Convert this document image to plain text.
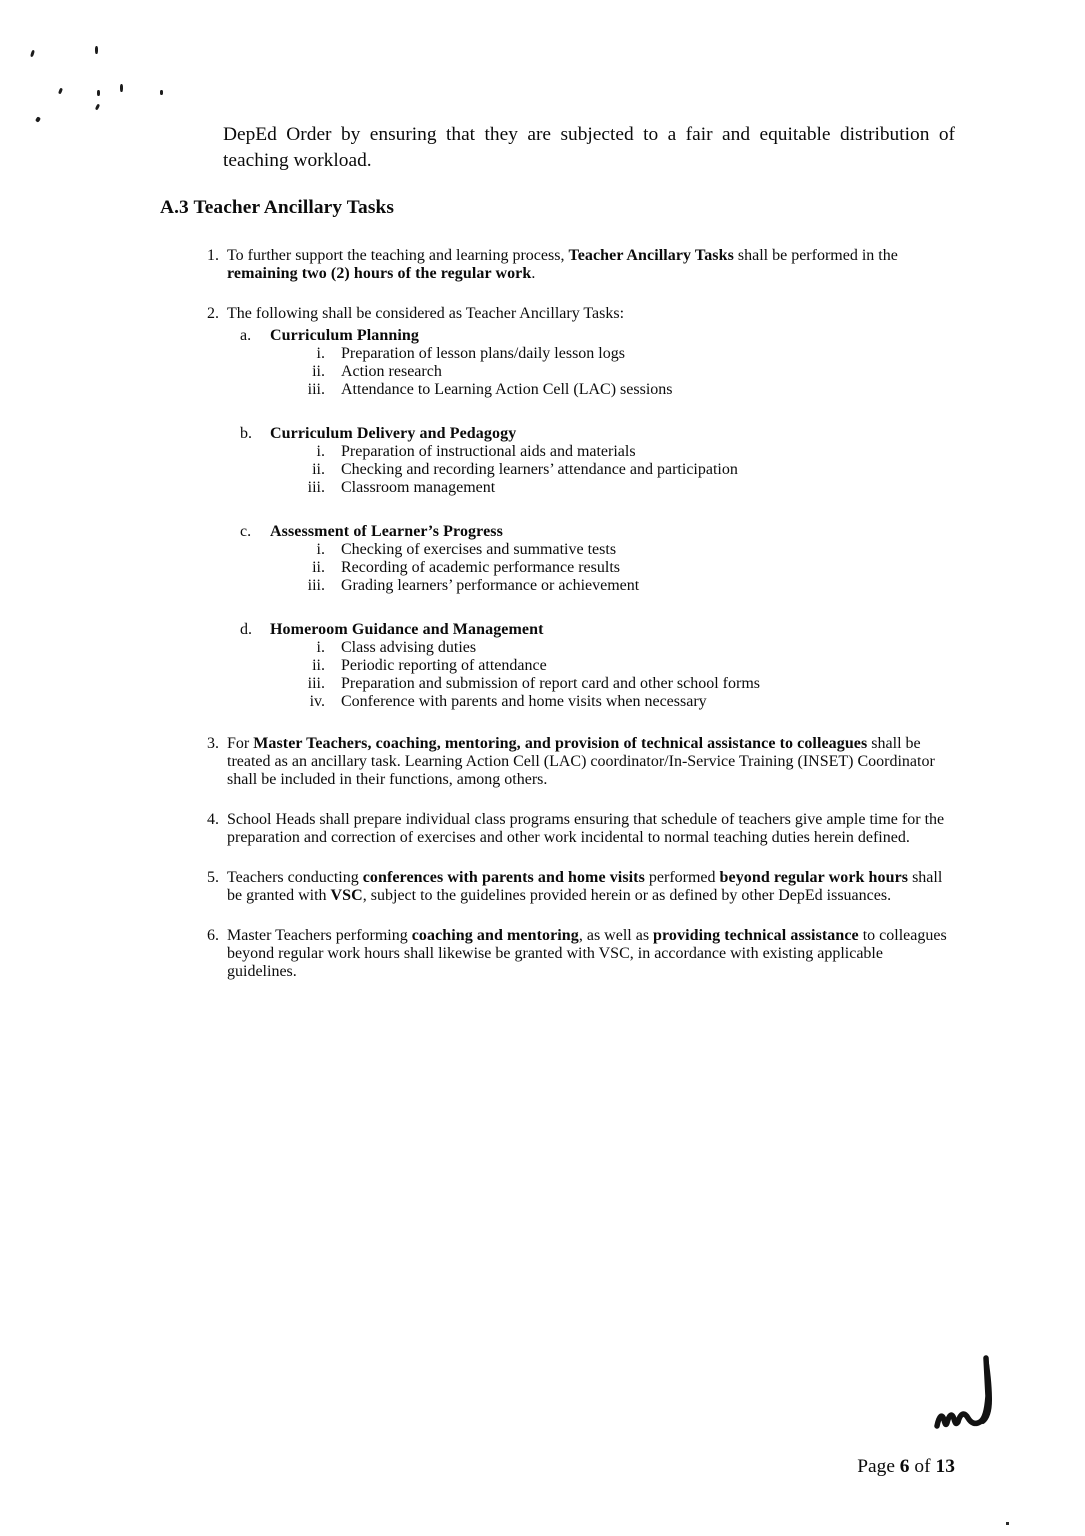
DepEd Order by ensuring that they are subjected to a fair and equitable distribution of teaching workload.

A.3 Teacher Ancillary Tasks
1. To further support the teaching and learning process, Teacher Ancillary Tasks shall be performed in the remaining two (2) hours of the regular work.
2. The following shall be considered as Teacher Ancillary Tasks:
a.	Curriculum Planning
i. Preparation of lesson plans/daily lesson logs
ii. Action research
iii. Attendance to Learning Action Cell (LAC) sessions
b.	Curriculum Delivery and Pedagogy
i. Preparation of instructional aids and materials
ii. Checking and recording learners’ attendance and participation
iii. Classroom management
c.	Assessment of Learner’s Progress
i. Checking of exercises and summative tests
ii. Recording of academic performance results
iii. Grading learners’ performance or achievement
d.	Homeroom Guidance and Management
i. Class advising duties
ii. Periodic reporting of attendance
iii. Preparation and submission of report card and other school forms
iv. Conference with parents and home visits when necessary
3. For Master Teachers, coaching, mentoring, and provision of technical assistance to colleagues shall be treated as an ancillary task. Learning Action Cell (LAC) coordinator/In-Service Training (INSET) Coordinator shall be included in their functions, among others.
4. School Heads shall prepare individual class programs ensuring that schedule of teachers give ample time for the preparation and correction of exercises and other work incidental to normal teaching duties herein defined.
5. Teachers conducting conferences with parents and home visits performed beyond regular work hours shall be granted with VSC, subject to the guidelines provided herein or as defined by other DepEd issuances.
6. Master Teachers performing coaching and mentoring, as well as providing technical assistance to colleagues beyond regular work hours shall likewise be granted with VSC, in accordance with existing applicable guidelines.
Page 6 of 13
